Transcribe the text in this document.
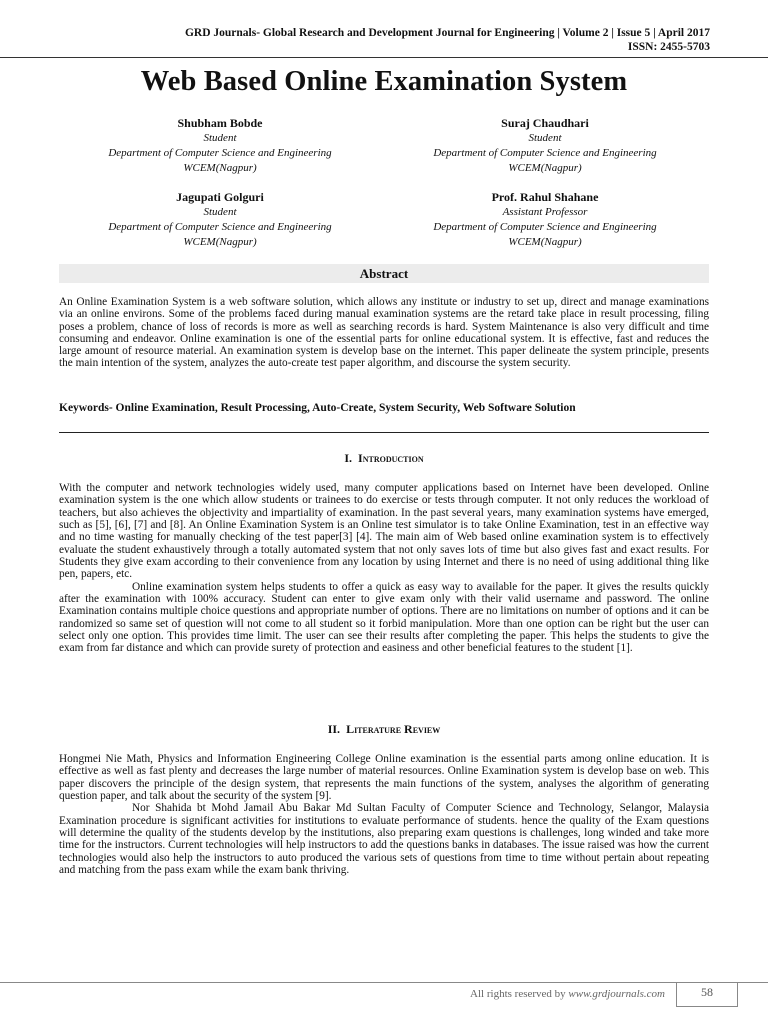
GRD Journals- Global Research and Development Journal for Engineering | Volume 2 | Issue 5 | April 2017
ISSN: 2455-5703
Web Based Online Examination System
Shubham Bobde
Student
Department of Computer Science and Engineering
WCEM(Nagpur)
Suraj Chaudhari
Student
Department of Computer Science and Engineering
WCEM(Nagpur)
Jagupati Golguri
Student
Department of Computer Science and Engineering
WCEM(Nagpur)
Prof. Rahul Shahane
Assistant Professor
Department of Computer Science and Engineering
WCEM(Nagpur)
Abstract
An Online Examination System is a web software solution, which allows any institute or industry to set up, direct and manage examinations via an online environs. Some of the problems faced during manual examination systems are the retard take place in result processing, filing poses a problem, chance of loss of records is more as well as searching records is hard. System Maintenance is also very difficult and time consuming and endeavor. Online examination is one of the essential parts for online educational system. It is effective, fast and reduces the large amount of resource material. An examination system is develop base on the internet. This paper delineate the system principle, presents the main intention of the system, analyzes the auto-create test paper algorithm, and discourse the system security.
Keywords- Online Examination, Result Processing, Auto-Create, System Security, Web Software Solution
I. Introduction

With the computer and network technologies widely used, many computer applications based on Internet have been developed. Online examination system is the one which allow students or trainees to do exercise or tests through computer. It not only reduces the workload of teachers, but also achieves the objectivity and impartiality of examination. In the past several years, many examination systems have emerged, such as [5], [6], [7] and [8]. An Online Examination System is an Online test simulator is to take Online Examination, test in an effective way and no time wasting for manually checking of the test paper[3] [4]. The main aim of Web based online examination system is to effectively evaluate the student exhaustively through a totally automated system that not only saves lots of time but also gives fast and exact results. For Students they give exam according to their convenience from any location by using Internet and there is no need of using additional thing like pen, papers, etc.

Online examination system helps students to offer a quick as easy way to available for the paper. It gives the results quickly after the examination with 100% accuracy. Student can enter to give exam only with their valid username and password. The online Examination contains multiple choice questions and appropriate number of options. There are no limitations on number of options and it can be randomized so same set of question will not come to all student so it forbid manipulation. More than one option can be right but the user can select only one option. This provides time limit. The user can see their results after completing the paper. This helps the students to give the exam from far distance and which can provide surety of protection and easiness and other beneficial features to the student [1].

II. Literature Review

Hongmei Nie Math, Physics and Information Engineering College Online examination is the essential parts among online education. It is effective as well as fast plenty and decreases the large number of material resources. Online Examination system is develop base on web. This paper discovers the principle of the design system, that represents the main functions of the system, analyses the algorithm of generating question paper, and talk about the security of the system [9].

Nor Shahida bt Mohd Jamail Abu Bakar Md Sultan Faculty of Computer Science and Technology, Selangor, Malaysia Examination procedure is significant activities for institutions to evaluate performance of students. hence the quality of the Exam questions will determine the quality of the students develop by the institutions, also preparing exam questions is challenges, long winded and take more time for the instructors. Current technologies will help instructors to add the questions banks in databases. The issue raised was how the current technologies would also help the instructors to auto produced the various sets of questions from time to time without pertain about repeating and matching from the pass exam while the exam bank thriving.

All rights reserved by www.grdjournals.com	58
